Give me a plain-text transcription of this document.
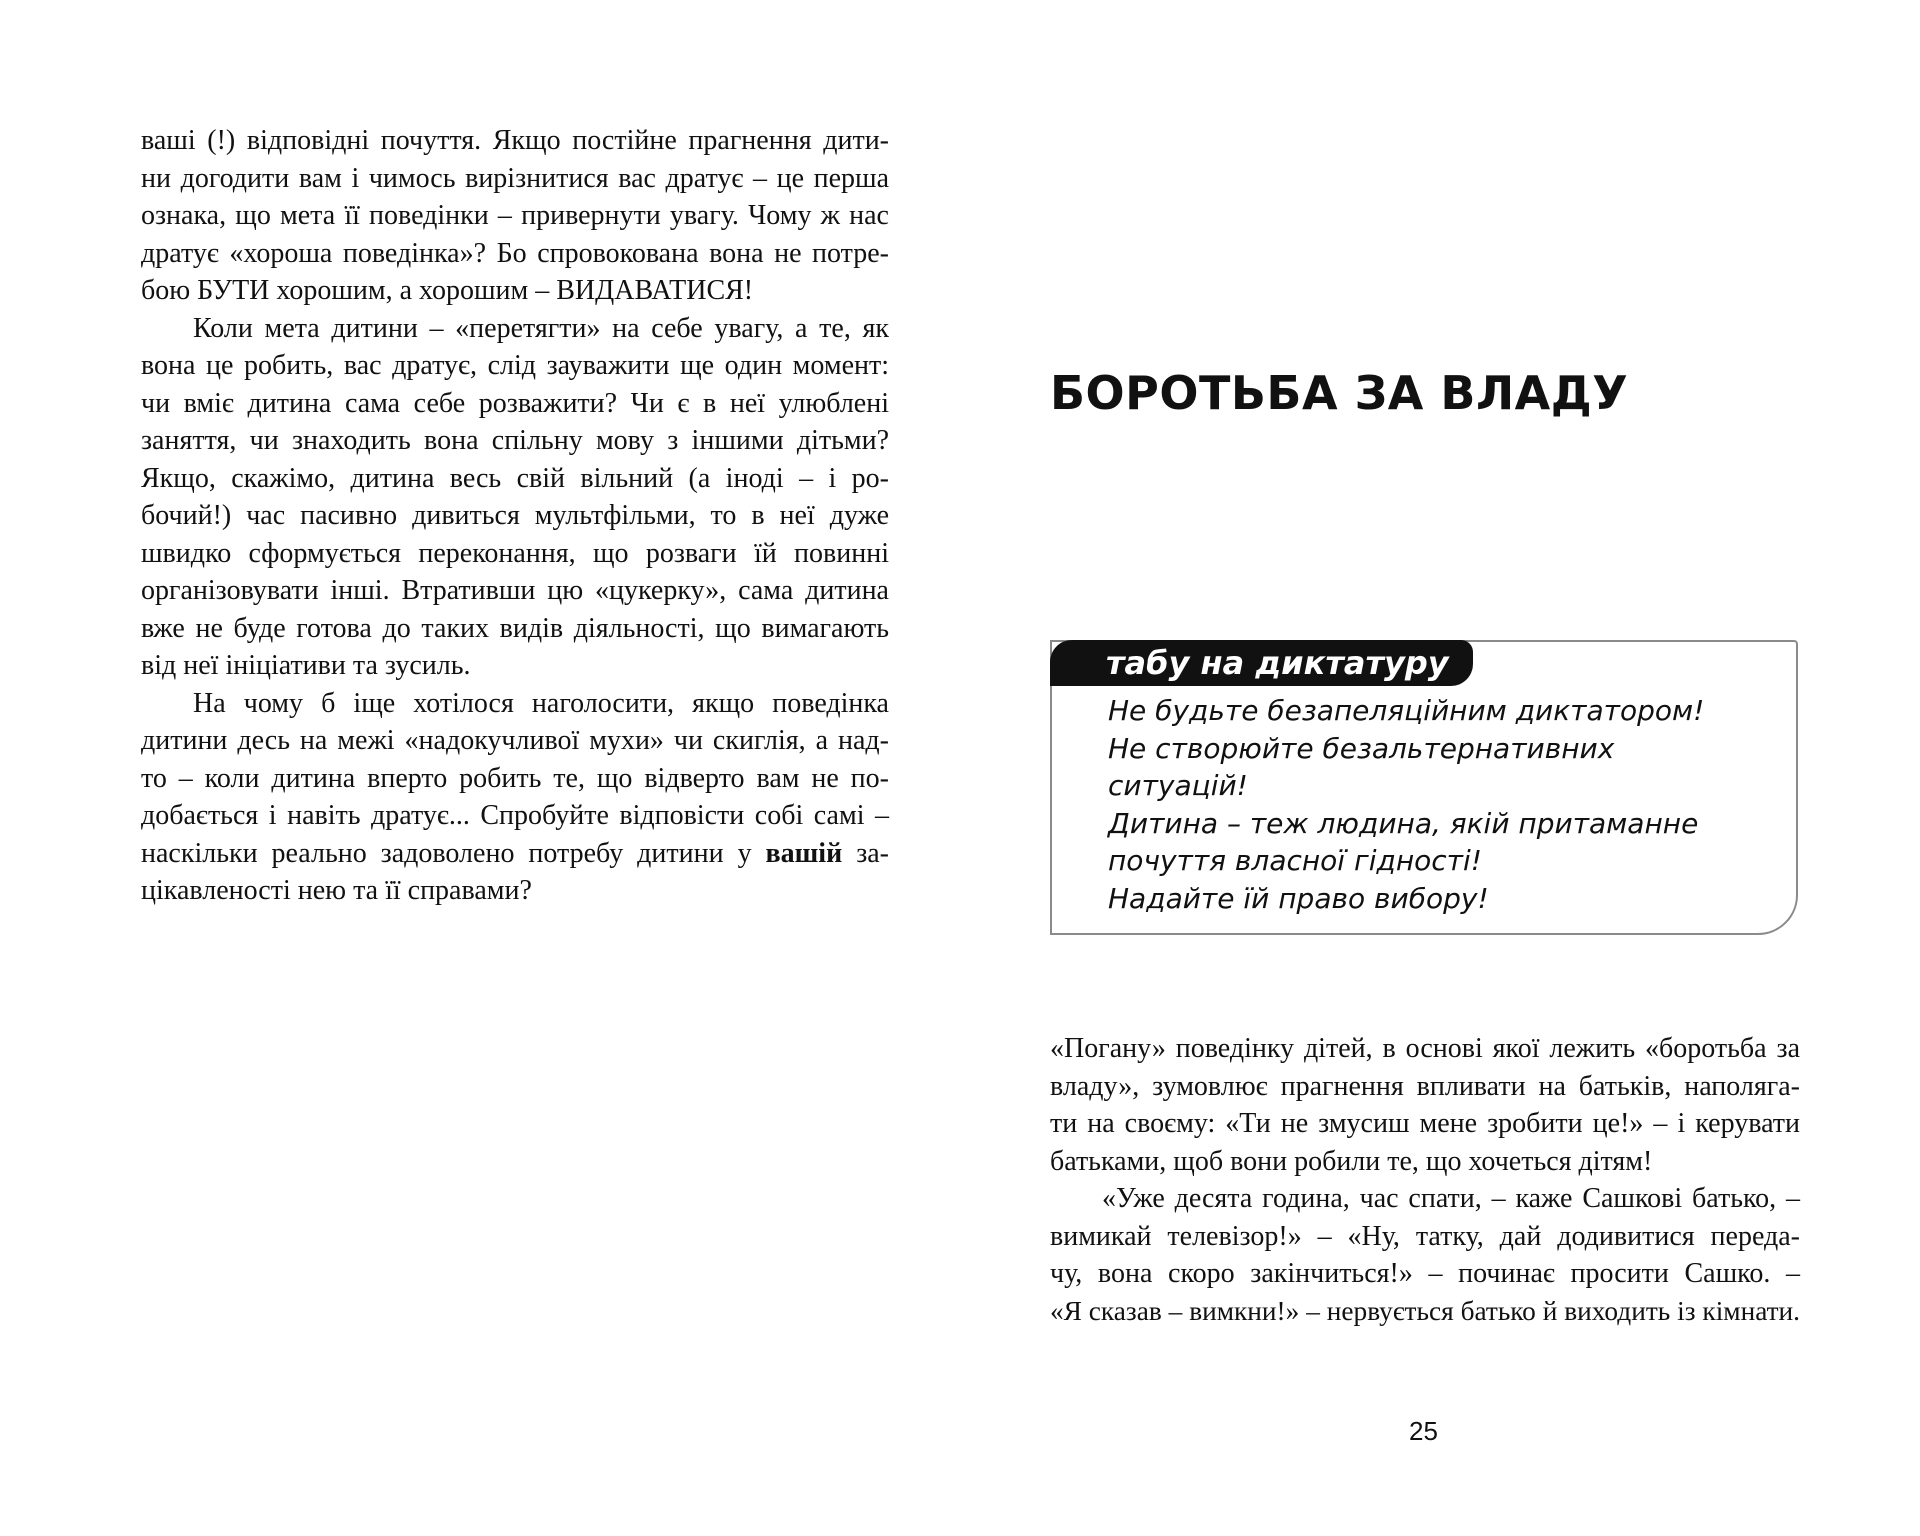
ваші (!) відповідні почуття. Якщо постійне прагнення дити-
ни догодити вам і чимось вирізнитися вас дратує – це перша
ознака, що мета її поведінки – привернути увагу. Чому ж нас
дратує «хороша поведінка»? Бо спровокована вона не потре-
бою БУТИ хорошим, а хорошим – ВИДАВАТИСЯ!
Коли мета дитини – «перетягти» на себе увагу, а те, як
вона це робить, вас дратує, слід зауважити ще один момент:
чи вміє дитина сама себе розважити? Чи є в неї улюблені
заняття, чи знаходить вона спільну мову з іншими дітьми?
Якщо, скажімо, дитина весь свій вільний (а іноді – і ро-
бочий!) час пасивно дивиться мультфільми, то в неї дуже
швидко сформується переконання, що розваги їй повинні
організовувати інші. Втративши цю «цукерку», сама дитина
вже не буде готова до таких видів діяльності, що вимагають
від неї ініціативи та зусиль.
На чому б іще хотілося наголосити, якщо поведінка
дитини десь на межі «надокучливої мухи» чи скиглія, а над-
то – коли дитина вперто робить те, що відверто вам не по-
добається і навіть дратує... Спробуйте відповісти собі самі –
наскільки реально задоволено потребу дитини у вашій за-
цікавленості нею та її справами?
БОРОТЬБА ЗА ВЛАДУ
табу на диктатуру
Не будьте безапеляційним диктатором!
Не створюйте безальтернативних
ситуацій!
Дитина – теж людина, якій притаманне
почуття власної гідності!
Надайте їй право вибору!
«Погану» поведінку дітей, в основі якої лежить «боротьба за
владу», зумовлює прагнення впливати на батьків, наполяга-
ти на своєму: «Ти не змусиш мене зробити це!» – і керувати
батьками, щоб вони робили те, що хочеться дітям!
«Уже десята година, час спати, – каже Сашкові батько, –
вимикай телевізор!» – «Ну, татку, дай додивитися переда-
чу, вона скоро закінчиться!» – починає просити Сашко. –
«Я сказав – вимкни!» – нервується батько й виходить із кімнати.
25
